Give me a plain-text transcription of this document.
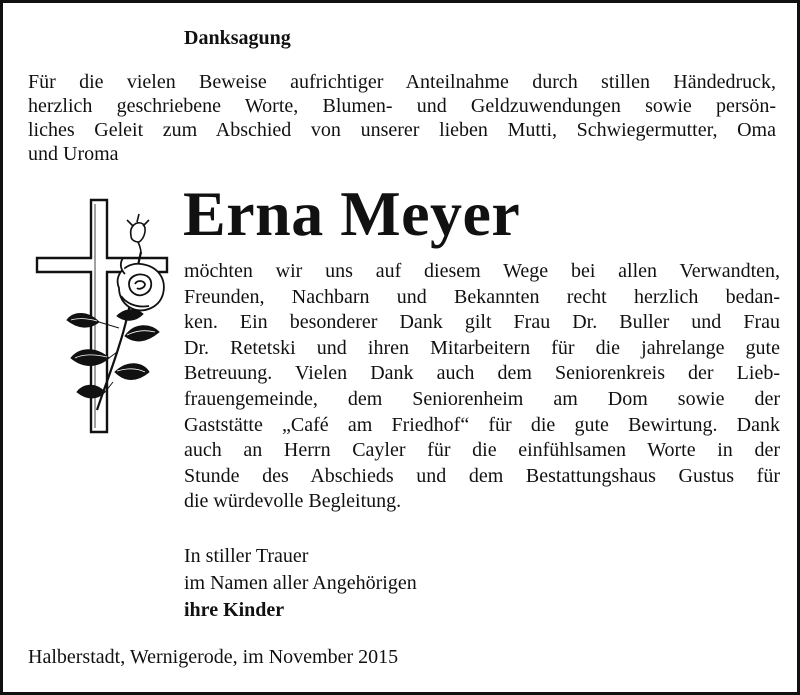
Danksagung
Für die vielen Beweise aufrichtiger Anteilnahme durch stillen Händedruck,
herzlich geschriebene Worte, Blumen- und Geldzuwendungen sowie persön-
liches Geleit zum Abschied von unserer lieben Mutti, Schwiegermutter, Oma
und Uroma
Erna Meyer
möchten wir uns auf diesem Wege bei allen Verwandten,
Freunden, Nachbarn und Bekannten recht herzlich bedan-
ken. Ein besonderer Dank gilt Frau Dr. Buller und Frau
Dr. Retetski und ihren Mitarbeitern für die jahrelange gute
Betreuung. Vielen Dank auch dem Seniorenkreis der Lieb-
frauengemeinde, dem Seniorenheim am Dom sowie der
Gaststätte „Café am Friedhof“ für die gute Bewirtung. Dank
auch an Herrn Cayler für die einfühlsamen Worte in der
Stunde des Abschieds und dem Bestattungshaus Gustus für
die würdevolle Begleitung.
In stiller Trauer
im Namen aller Angehörigen
ihre Kinder
Halberstadt, Wernigerode, im November 2015
